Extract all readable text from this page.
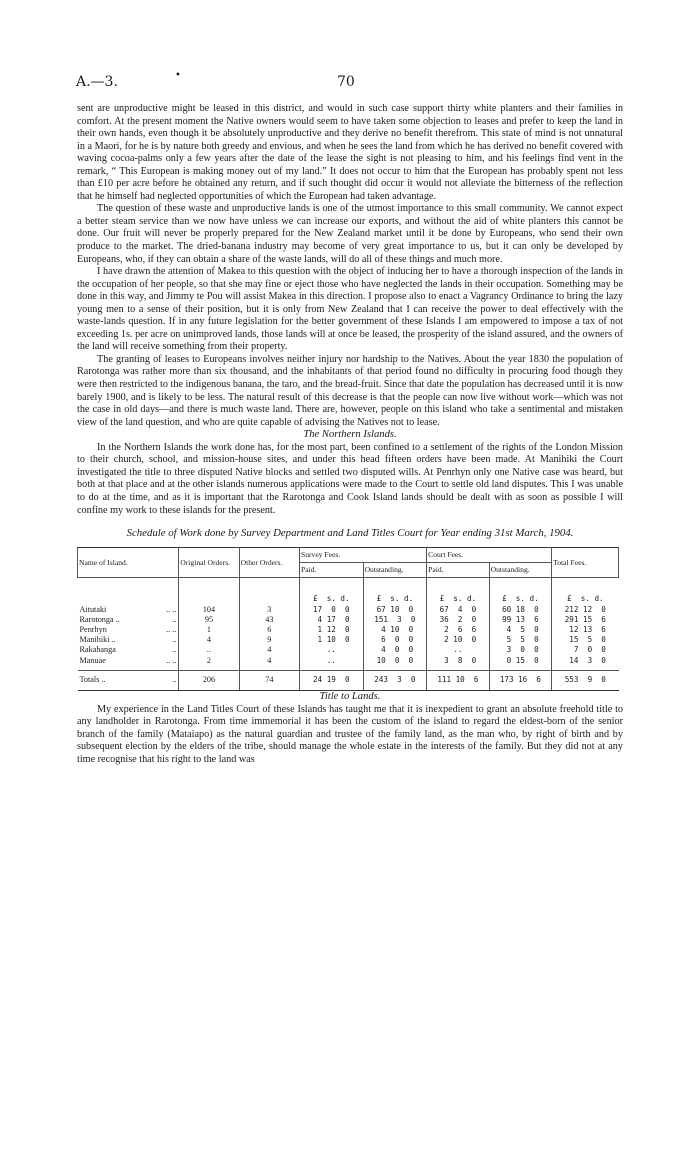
A.—3.	•	70

sent are unproductive might be leased in this district, and would in such case support thirty white planters and their families in comfort. At the present moment the Native owners would seem to have taken some objection to leases and prefer to keep the land in their own hands, even though it be absolutely unproductive and they derive no benefit therefrom. This state of mind is not unnatural in a Maori, for he is by nature both greedy and envious, and when he sees the land from which he has derived no benefit covered with waving cocoa-palms only a few years after the date of the lease the sight is not pleasing to him, and his feelings find vent in the remark, “ This European is making money out of my land.” It does not occur to him that the European has probably spent not less than £10 per acre before he obtained any return, and if such thought did occur it would not alleviate the bitterness of the reflection that he himself had neglected opportunities of which the European had taken advantage.

The question of these waste and unproductive lands is one of the utmost importance to this small community. We cannot expect a better steam service than we now have unless we can increase our exports, and without the aid of white planters this cannot be done. Our fruit will never be properly prepared for the New Zealand market until it be done by Europeans, who send their own produce to the market. The dried-banana industry may become of very great importance to us, but it can only be developed by Europeans, who, if they can obtain a share of the waste lands, will do all of these things and much more.

I have drawn the attention of Makea to this question with the object of inducing her to have a thorough inspection of the lands in the occupation of her people, so that she may fine or eject those who have neglected the lands in their occupation. Something may be done in this way, and Jimmy te Pou will assist Makea in this direction. I propose also to enact a Vagrancy Ordinance to bring the lazy young men to a sense of their position, but it is only from New Zealand that I can receive the power to deal effectively with the waste-lands question. If in any future legislation for the better government of these Islands I am empowered to impose a tax of not exceeding 1s. per acre on unimproved lands, those lands will at once be leased, the prosperity of the island assured, and the owners of the land will receive something from their property.

The granting of leases to Europeans involves neither injury nor hardship to the Natives. About the year 1830 the population of Rarotonga was rather more than six thousand, and the inhabitants of that period found no difficulty in procuring food though they were then restricted to the indigenous banana, the taro, and the bread-fruit. Since that date the population has decreased until it is now barely 1900, and is likely to be less. The natural result of this decrease is that the people can now live without work—which was not the case in old days—and there is much waste land. There are, however, people on this island who take a sentimental and mistaken view of the land question, and who are quite capable of advising the Natives not to lease.

The Northern Islands.

In the Northern Islands the work done has, for the most part, been confined to a settlement of the rights of the London Mission to their church, school, and mission-house sites, and under this head fifteen orders have been made. At Manihiki the Court investigated the title to three disputed Native blocks and settled two disputed wills. At Penrhyn only one Native case was heard, but both at that place and at the other islands numerous applications were made to the Court to settle old land disputes. This I was unable to do at the time, and as it is important that the Rarotonga and Cook Island lands should be dealt with as soon as possible I will confine my work to these islands for the present.

Schedule of Work done by Survey Department and Land Titles Court for Year ending 31st March, 1904.
Name of Island.		Original Orders.	Other Orders.	Survey Fees.		Court Fees.		Total Fees.
				Paid.	Outstanding.	Paid.	Outstanding.	

				£  s. d.	£  s. d.	£  s. d.	£  s. d.	£  s. d.
Aitutaki	.. ..	104	3	17  0  0	67 10  0	67  4  0	60 18  0	212 12  0
Rarotonga ..	..	95	43	4 17  0	151  3  0	36  2  0	99 13  6	291 15  6
Penrhyn	.. ..	1	6	1 12  0	4 10  0	2  6  6	4  5  0	12 13  6
Manihiki ..	..	4	9	1 10  0	6  0  0	2 10  0	5  5  0	15  5  0
Rakahanga	..	..	4	..	4  0  0	..	3  0  0	7  0  0
Manuae	.. ..	2	4	..	10  0  0	3  8  0	0 15  0	14  3  0
Totals ..	..	206	74	24 19  0	243  3  0	111 10  6	173 16  6	553  9  0

Title to Lands.

My experience in the Land Titles Court of these Islands has taught me that it is inexpedient to grant an absolute freehold title to any landholder in Rarotonga. From time immemorial it has been the custom of the island to regard the eldest-born of the senior branch of the family (Mataiapo) as the natural guardian and trustee of the family land, as the man who, by right of birth and by subsequent election by the elders of the tribe, should manage the whole estate in the interests of the family. But they did not at any time recognise that his right to the land was
